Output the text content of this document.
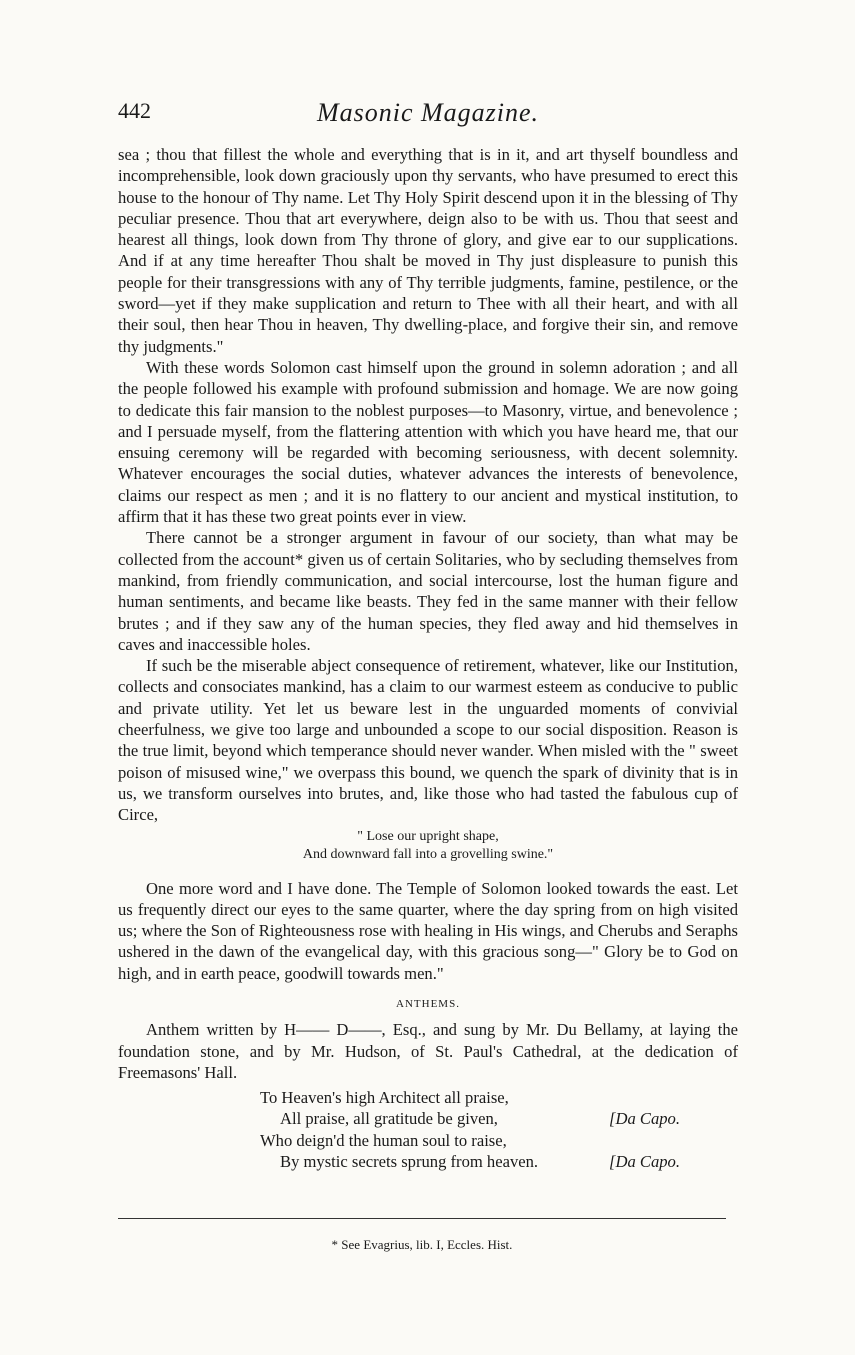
442	Masonic Magazine.

sea ; thou that fillest the whole and everything that is in it, and art thyself boundless and incomprehensible, look down graciously upon thy servants, who have presumed to erect this house to the honour of Thy name. Let Thy Holy Spirit descend upon it in the blessing of Thy peculiar presence. Thou that art everywhere, deign also to be with us. Thou that seest and hearest all things, look down from Thy throne of glory, and give ear to our supplications. And if at any time hereafter Thou shalt be moved in Thy just displeasure to punish this people for their transgressions with any of Thy terrible judgments, famine, pestilence, or the sword—yet if they make supplication and return to Thee with all their heart, and with all their soul, then hear Thou in heaven, Thy dwelling-place, and forgive their sin, and remove thy judgments."

With these words Solomon cast himself upon the ground in solemn adoration ; and all the people followed his example with profound submission and homage. We are now going to dedicate this fair mansion to the noblest purposes—to Masonry, virtue, and benevolence ; and I persuade myself, from the flattering attention with which you have heard me, that our ensuing ceremony will be regarded with becoming seriousness, with decent solemnity. Whatever encourages the social duties, whatever advances the interests of benevolence, claims our respect as men ; and it is no flattery to our ancient and mystical institution, to affirm that it has these two great points ever in view.

There cannot be a stronger argument in favour of our society, than what may be collected from the account* given us of certain Solitaries, who by secluding themselves from mankind, from friendly communication, and social intercourse, lost the human figure and human sentiments, and became like beasts. They fed in the same manner with their fellow brutes ; and if they saw any of the human species, they fled away and hid themselves in caves and inaccessible holes.

If such be the miserable abject consequence of retirement, whatever, like our Institution, collects and consociates mankind, has a claim to our warmest esteem as conducive to public and private utility. Yet let us beware lest in the unguarded moments of convivial cheerfulness, we give too large and unbounded a scope to our social disposition. Reason is the true limit, beyond which temperance should never wander. When misled with the " sweet poison of misused wine," we overpass this bound, we quench the spark of divinity that is in us, we transform ourselves into brutes, and, like those who had tasted the fabulous cup of Circe,

" Lose our upright shape,
And downward fall into a grovelling swine."

One more word and I have done. The Temple of Solomon looked towards the east. Let us frequently direct our eyes to the same quarter, where the day spring from on high visited us; where the Son of Righteousness rose with healing in His wings, and Cherubs and Seraphs ushered in the dawn of the evangelical day, with this gracious song—" Glory be to God on high, and in earth peace, goodwill towards men."

ANTHEMS.

Anthem written by H—— D——, Esq., and sung by Mr. Du Bellamy, at laying the foundation stone, and by Mr. Hudson, of St. Paul's Cathedral, at the dedication of Freemasons' Hall.

To Heaven's high Architect all praise,
All praise, all gratitude be given,	[Da Capo.
Who deign'd the human soul to raise,
By mystic secrets sprung from heaven.	[Da Capo.
* See Evagrius, lib. I, Eccles. Hist.
